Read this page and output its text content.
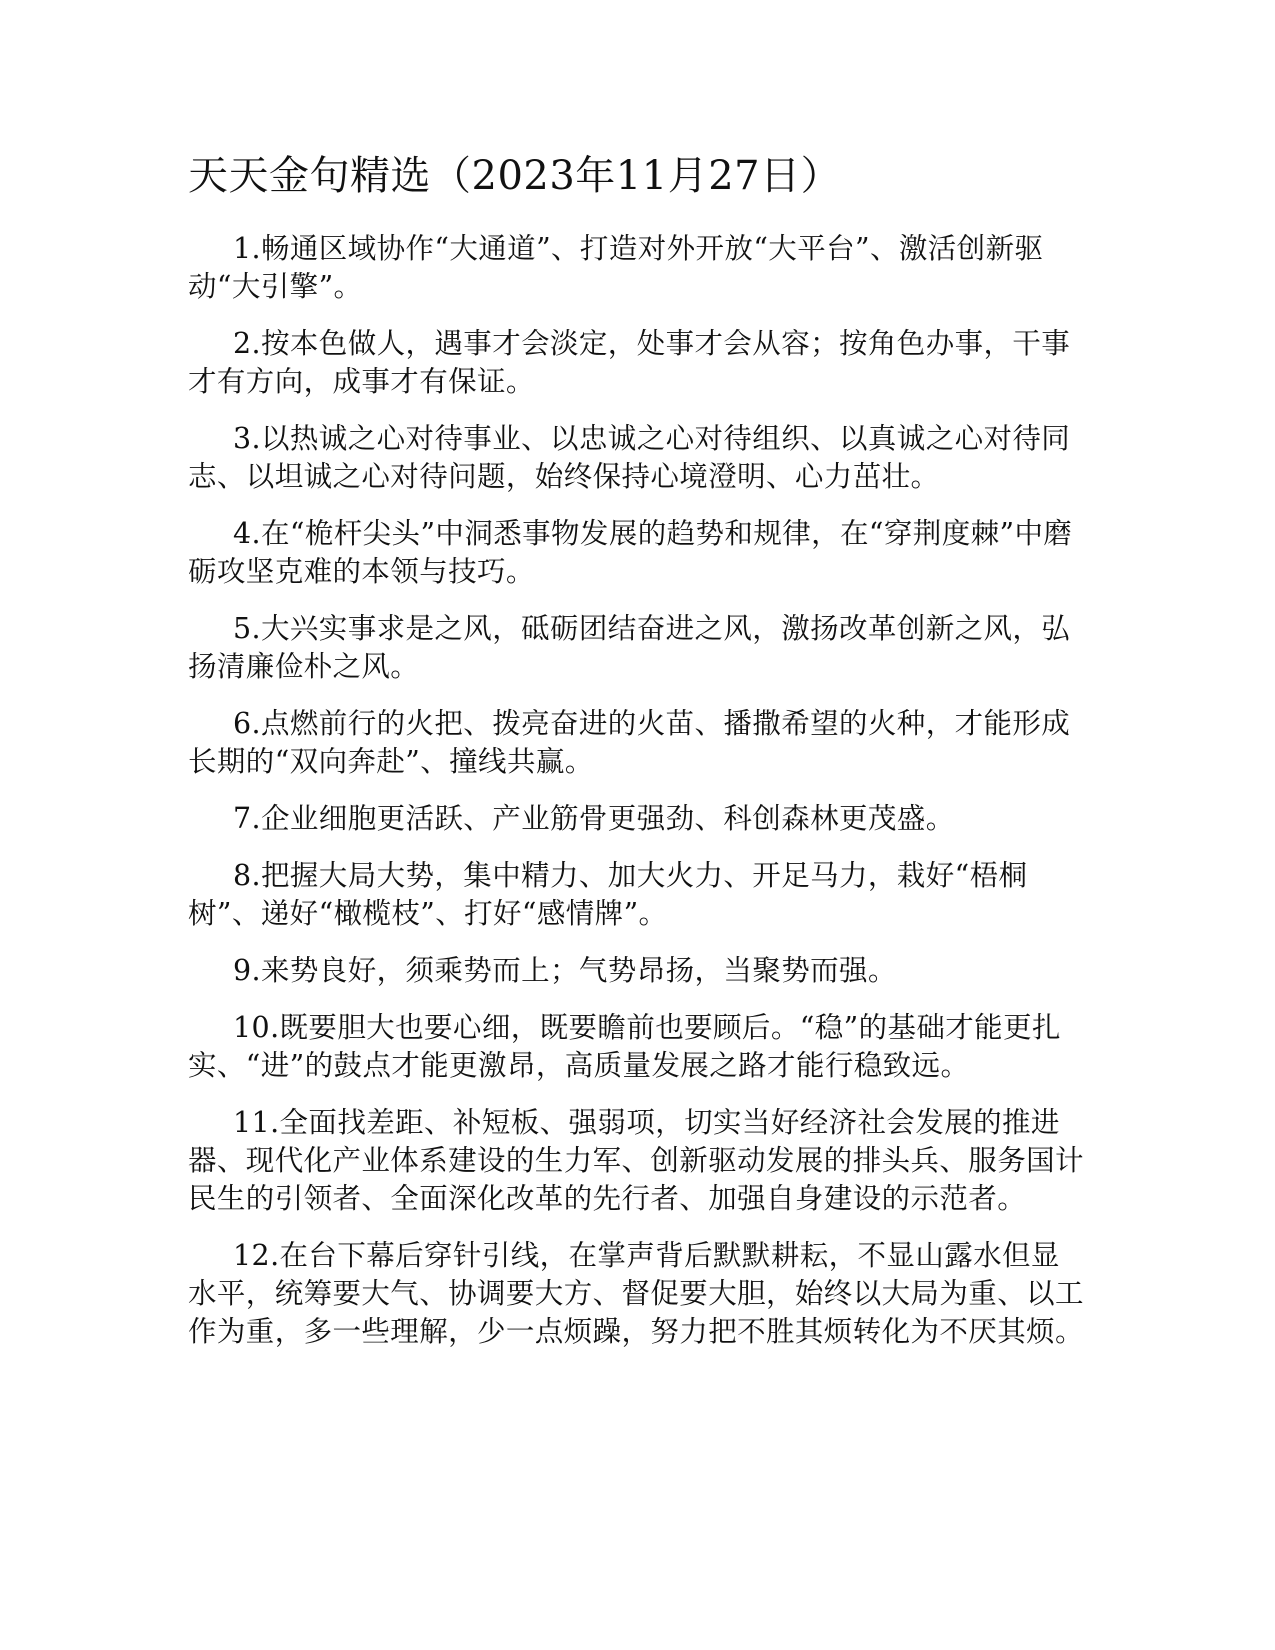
天天金句精选（2023年11月27日）

1.畅通区域协作“大通道”、打造对外开放“大平台”、激活创新驱动“大引擎”。

2.按本色做人，遇事才会淡定，处事才会从容；按角色办事，干事才有方向，成事才有保证。

3.以热诚之心对待事业、以忠诚之心对待组织、以真诚之心对待同志、以坦诚之心对待问题，始终保持心境澄明、心力茁壮。

4.在“桅杆尖头”中洞悉事物发展的趋势和规律，在“穿荆度棘”中磨砺攻坚克难的本领与技巧。

5.大兴实事求是之风，砥砺团结奋进之风，激扬改革创新之风，弘扬清廉俭朴之风。

6.点燃前行的火把、拨亮奋进的火苗、播撒希望的火种，才能形成长期的“双向奔赴”、撞线共赢。

7.企业细胞更活跃、产业筋骨更强劲、科创森林更茂盛。

8.把握大局大势，集中精力、加大火力、开足马力，栽好“梧桐树”、递好“橄榄枝”、打好“感情牌”。

9.来势良好，须乘势而上；气势昂扬，当聚势而强。

10.既要胆大也要心细，既要瞻前也要顾后。“稳”的基础才能更扎实、“进”的鼓点才能更激昂，高质量发展之路才能行稳致远。

11.全面找差距、补短板、强弱项，切实当好经济社会发展的推进器、现代化产业体系建设的生力军、创新驱动发展的排头兵、服务国计民生的引领者、全面深化改革的先行者、加强自身建设的示范者。

12.在台下幕后穿针引线，在掌声背后默默耕耘，不显山露水但显水平，统筹要大气、协调要大方、督促要大胆，始终以大局为重、以工作为重，多一些理解，少一点烦躁，努力把不胜其烦转化为不厌其烦。
